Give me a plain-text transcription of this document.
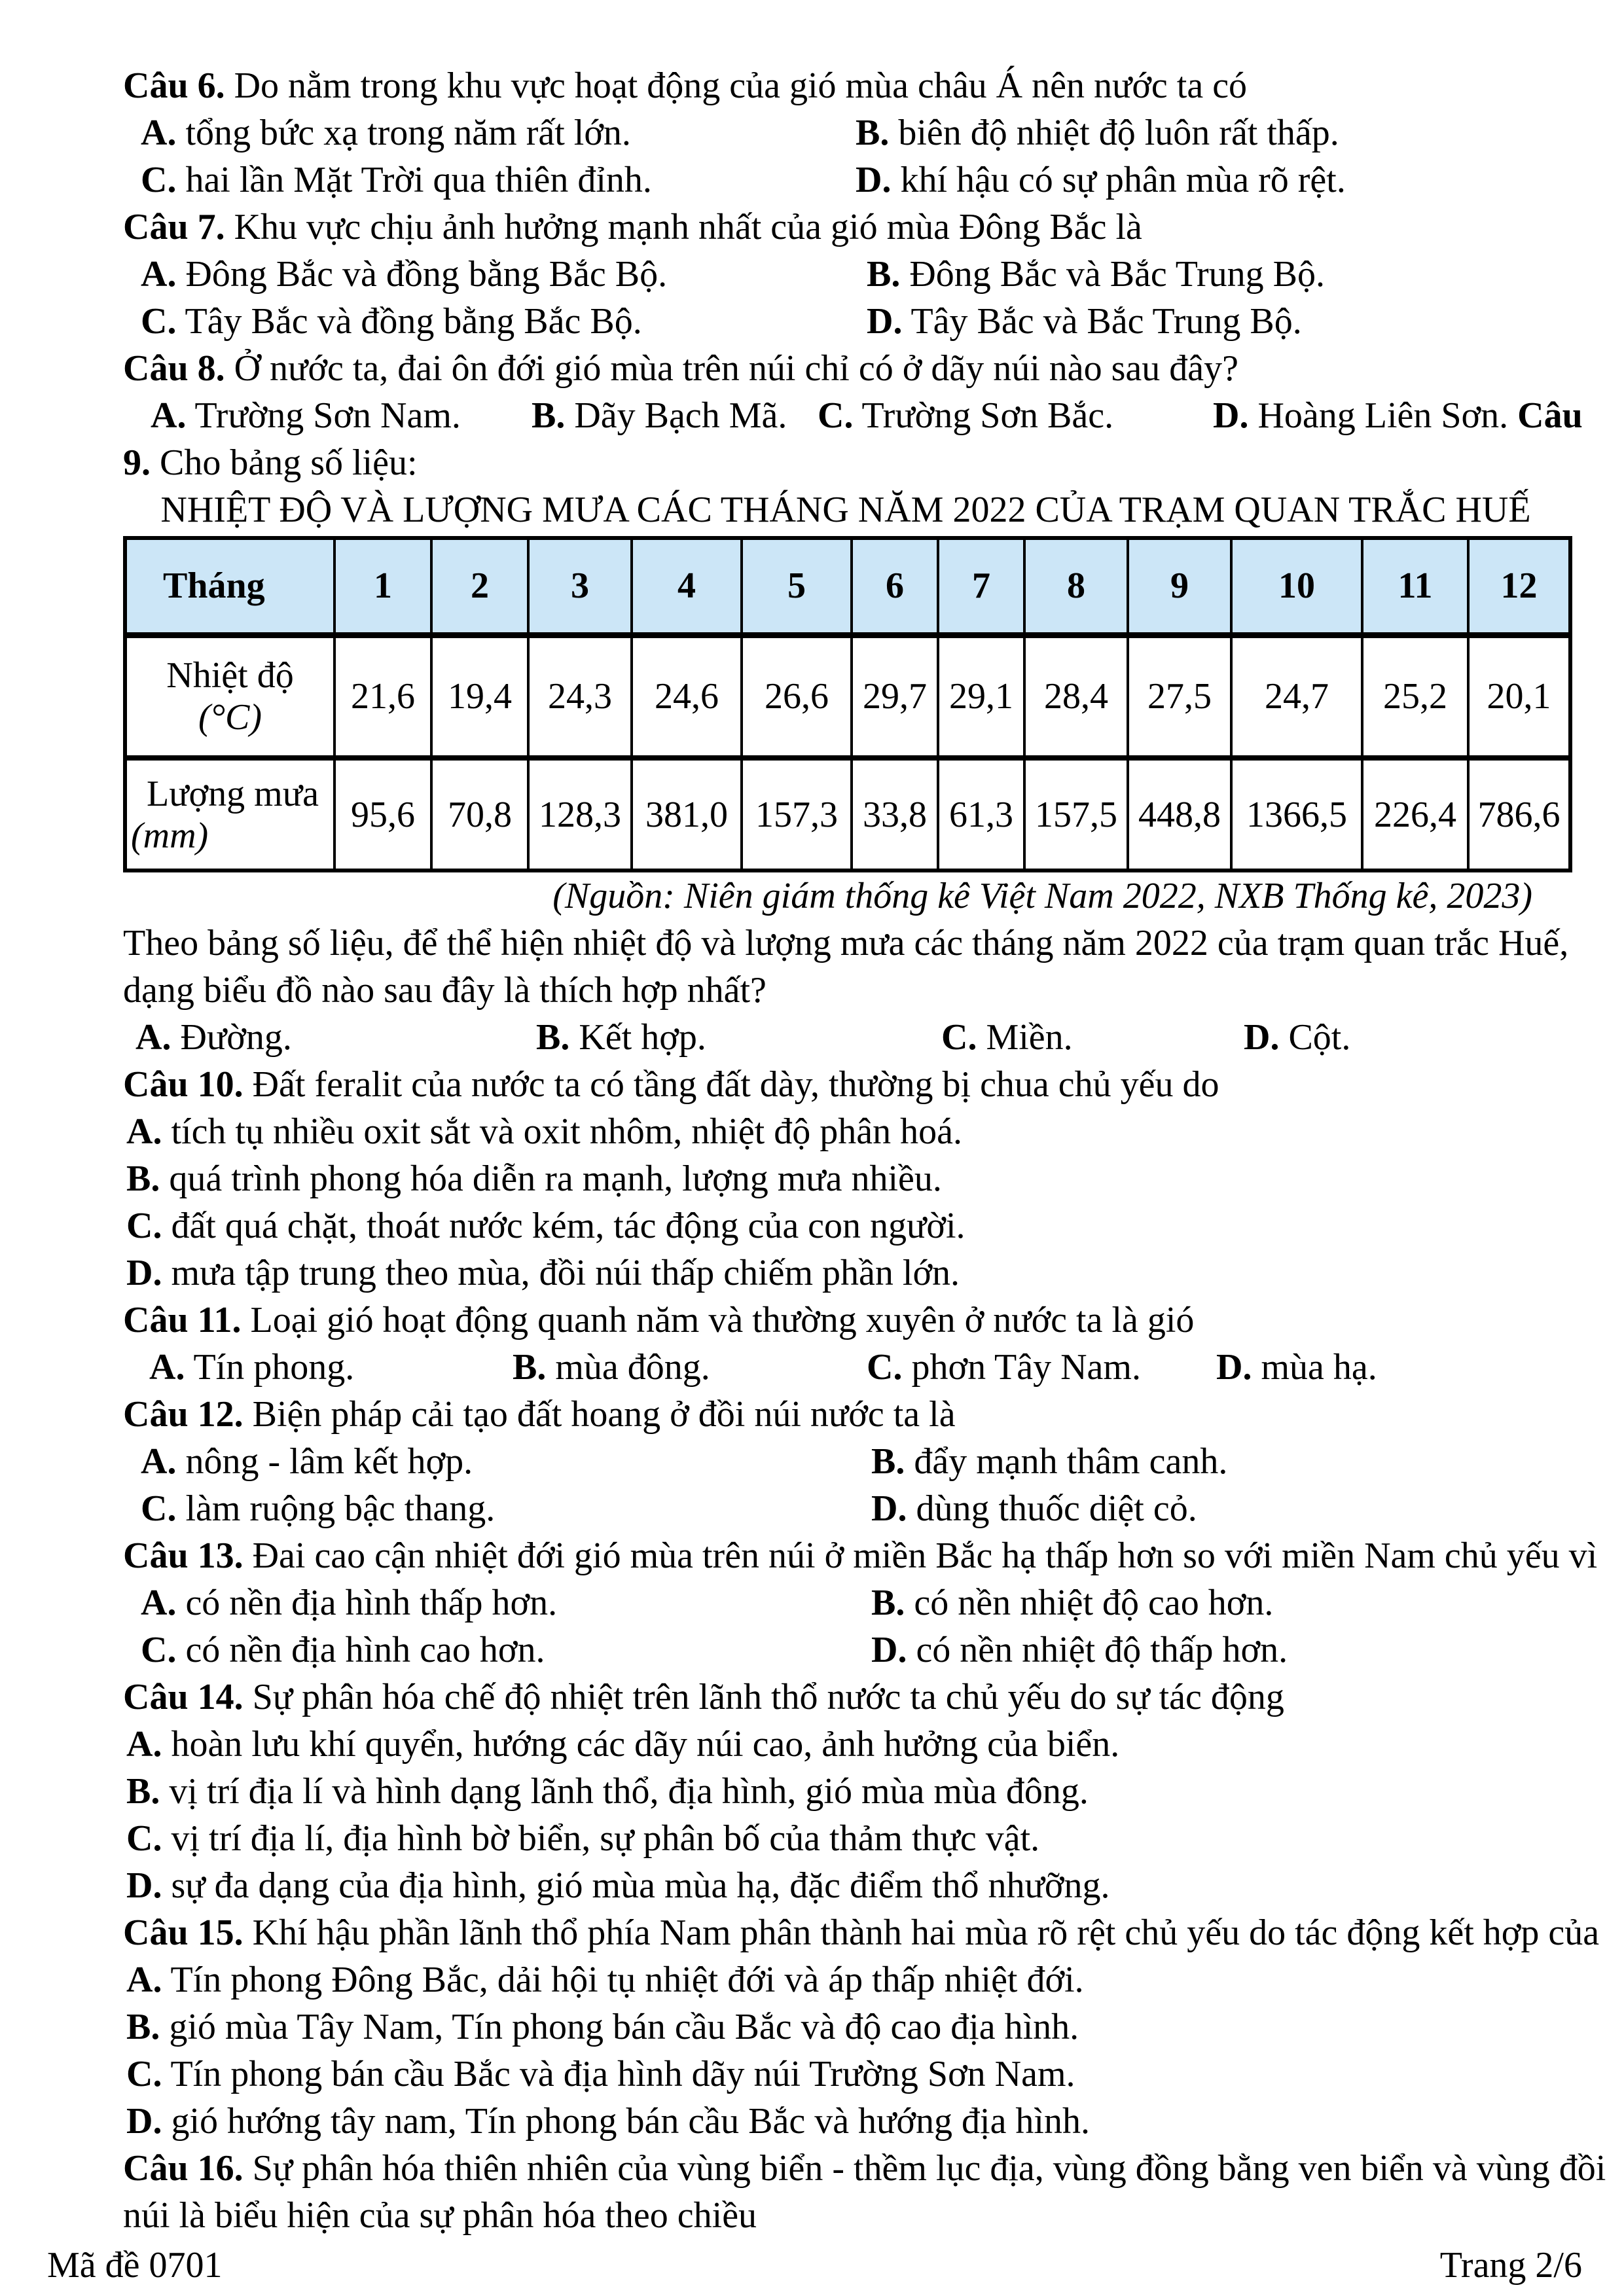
Câu 6. Do nằm trong khu vực hoạt động của gió mùa châu Á nên nước ta có
A. tổng bức xạ trong năm rất lớn.	B. biên độ nhiệt độ luôn rất thấp.
C. hai lần Mặt Trời qua thiên đỉnh.	D. khí hậu có sự phân mùa rõ rệt.
Câu 7. Khu vực chịu ảnh hưởng mạnh nhất của gió mùa Đông Bắc là
A. Đông Bắc và đồng bằng Bắc Bộ.	B. Đông Bắc và Bắc Trung Bộ.
C. Tây Bắc và đồng bằng Bắc Bộ.	D. Tây Bắc và Bắc Trung Bộ.
Câu 8. Ở nước ta, đai ôn đới gió mùa trên núi chỉ có ở dãy núi nào sau đây?
A. Trường Sơn Nam. B. Dãy Bạch Mã. C. Trường Sơn Bắc.	D. Hoàng Liên Sơn. Câu
9. Cho bảng số liệu:
NHIỆT ĐỘ VÀ LƯỢNG MƯA CÁC THÁNG NĂM 2022 CỦA TRẠM QUAN TRẮC HUẾ
Tháng	1	2	3	4	5	6	7	8	9	10	11	12

Nhiệt độ
(°C)	21,6	19,4	24,3	24,6	26,6	29,7	29,1	28,4	27,5	24,7	25,2	20,1

Lượng mưa
(mm)	95,6	70,8	128,3	381,0	157,3	33,8	61,3	157,5	448,8	1366,5	226,4	786,6
(Nguồn: Niên giám thống kê Việt Nam 2022, NXB Thống kê, 2023)
Theo bảng số liệu, để thể hiện nhiệt độ và lượng mưa các tháng năm 2022 của trạm quan trắc Huế,
dạng biểu đồ nào sau đây là thích hợp nhất?
A. Đường.	B. Kết hợp.	C. Miền.	D. Cột.
Câu 10. Đất feralit của nước ta có tầng đất dày, thường bị chua chủ yếu do
A. tích tụ nhiều oxit sắt và oxit nhôm, nhiệt độ phân hoá.
B. quá trình phong hóa diễn ra mạnh, lượng mưa nhiều.
C. đất quá chặt, thoát nước kém, tác động của con người.
D. mưa tập trung theo mùa, đồi núi thấp chiếm phần lớn.
Câu 11. Loại gió hoạt động quanh năm và thường xuyên ở nước ta là gió
A. Tín phong.	B. mùa đông.	C. phơn Tây Nam. D. mùa hạ.
Câu 12. Biện pháp cải tạo đất hoang ở đồi núi nước ta là
A. nông - lâm kết hợp.	B. đẩy mạnh thâm canh.
C. làm ruộng bậc thang.	D. dùng thuốc diệt cỏ.
Câu 13. Đai cao cận nhiệt đới gió mùa trên núi ở miền Bắc hạ thấp hơn so với miền Nam chủ yếu vì
A. có nền địa hình thấp hơn.	B. có nền nhiệt độ cao hơn.
C. có nền địa hình cao hơn.	D. có nền nhiệt độ thấp hơn.
Câu 14. Sự phân hóa chế độ nhiệt trên lãnh thổ nước ta chủ yếu do sự tác động
A. hoàn lưu khí quyển, hướng các dãy núi cao, ảnh hưởng của biển.
B. vị trí địa lí và hình dạng lãnh thổ, địa hình, gió mùa mùa đông.
C. vị trí địa lí, địa hình bờ biển, sự phân bố của thảm thực vật.
D. sự đa dạng của địa hình, gió mùa mùa hạ, đặc điểm thổ nhưỡng.
Câu 15. Khí hậu phần lãnh thổ phía Nam phân thành hai mùa rõ rệt chủ yếu do tác động kết hợp của
A. Tín phong Đông Bắc, dải hội tụ nhiệt đới và áp thấp nhiệt đới.
B. gió mùa Tây Nam, Tín phong bán cầu Bắc và độ cao địa hình.
C. Tín phong bán cầu Bắc và địa hình dãy núi Trường Sơn Nam.
D. gió hướng tây nam, Tín phong bán cầu Bắc và hướng địa hình.
Câu 16. Sự phân hóa thiên nhiên của vùng biển - thềm lục địa, vùng đồng bằng ven biển và vùng đồi
núi là biểu hiện của sự phân hóa theo chiều
Mã đề 0701	Trang 2/6
